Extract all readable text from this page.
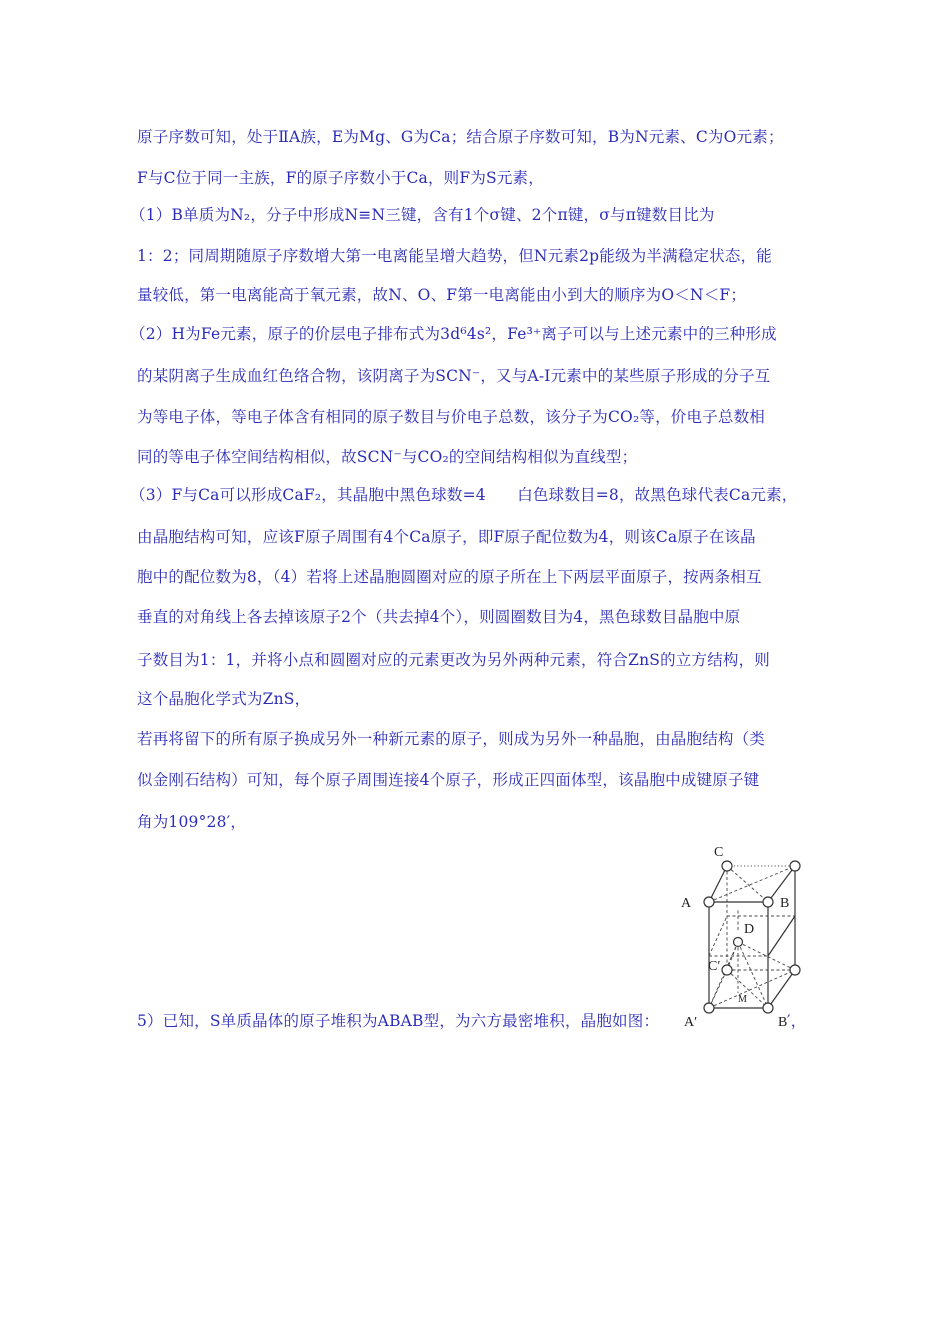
原子序数可知，处于ⅡA族，E为Mg、G为Ca；结合原子序数可知，B为N元素、C为O元素；
F与C位于同一主族，F的原子序数小于Ca，则F为S元素，
（1）B单质为N₂，分子中形成N≡N三键，含有1个σ键、2个π键，σ与π键数目比为
1：2；同周期随原子序数增大第一电离能呈增大趋势，但N元素2p能级为半满稳定状态，能
量较低，第一电离能高于氧元素，故N、O、F第一电离能由小到大的顺序为O＜N＜F；
（2）H为Fe元素，原子的价层电子排布式为3d⁶4s²，Fe³⁺离子可以与上述元素中的三种形成
的某阴离子生成血红色络合物，该阴离子为SCN⁻，又与A-I元素中的某些原子形成的分子互
为等电子体，等电子体含有相同的原子数目与价电子总数，该分子为CO₂等，价电子总数相
同的等电子体空间结构相似，故SCN⁻与CO₂的空间结构相似为直线型；
（3）F与Ca可以形成CaF₂，其晶胞中黑色球数=4　　白色球数目=8，故黑色球代表Ca元素，
由晶胞结构可知，应该F原子周围有4个Ca原子，即F原子配位数为4，则该Ca原子在该晶
胞中的配位数为8，（4）若将上述晶胞圆圈对应的原子所在上下两层平面原子，按两条相互
垂直的对角线上各去掉该原子2个（共去掉4个），则圆圈数目为4，黑色球数目晶胞中原
子数目为1：1，并将小点和圆圈对应的元素更改为另外两种元素，符合ZnS的立方结构，则
这个晶胞化学式为ZnS，
若再将留下的所有原子换成另外一种新元素的原子，则成为另外一种晶胞，由晶胞结构（类
似金刚石结构）可知，每个原子周围连接4个原子，形成正四面体型，该晶胞中成键原子键
角为109°28′，
5）已知，S单质晶体的原子堆积为ABAB型，为六方最密堆积，晶胞如图：	′，
C
A	B
D
C′
M
A′	B
